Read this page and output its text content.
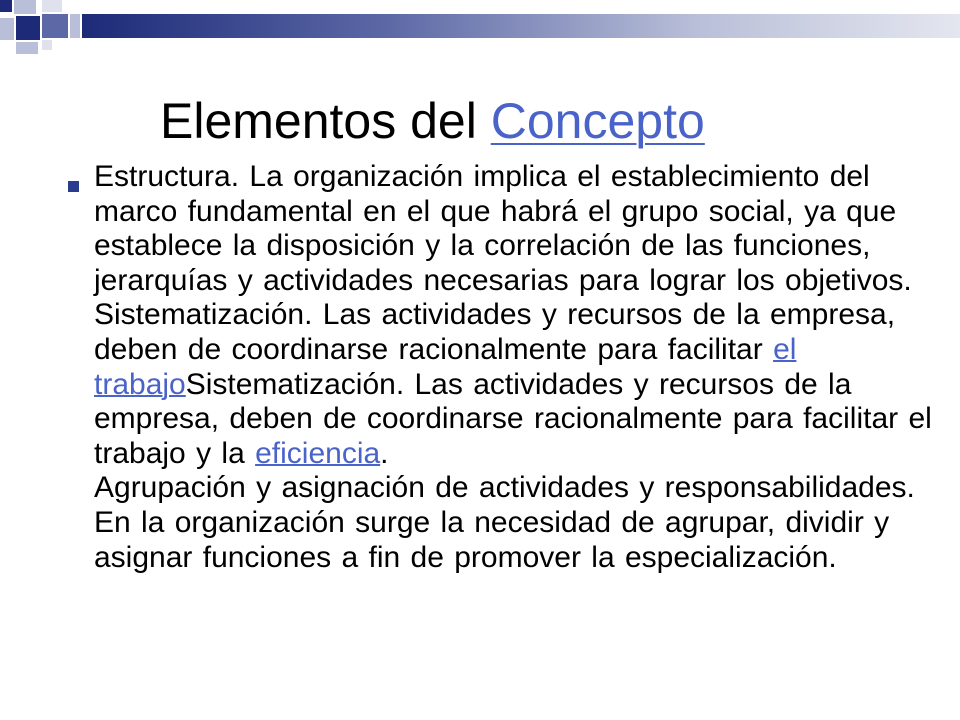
Elementos del Concepto
Estructura. La organización implica el establecimiento del marco fundamental en el que habrá el grupo social, ya que establece la disposición y la correlación de las funciones, jerarquías y actividades necesarias para lograr los objetivos.
Sistematización. Las actividades y recursos de la empresa, deben de coordinarse racionalmente para facilitar el trabajoSistematización. Las actividades y recursos de la empresa, deben de coordinarse racionalmente para facilitar el trabajo y la eficiencia.
Agrupación y asignación de actividades y responsabilidades. En la organización surge la necesidad de agrupar, dividir y asignar funciones a fin de promover la especialización.
